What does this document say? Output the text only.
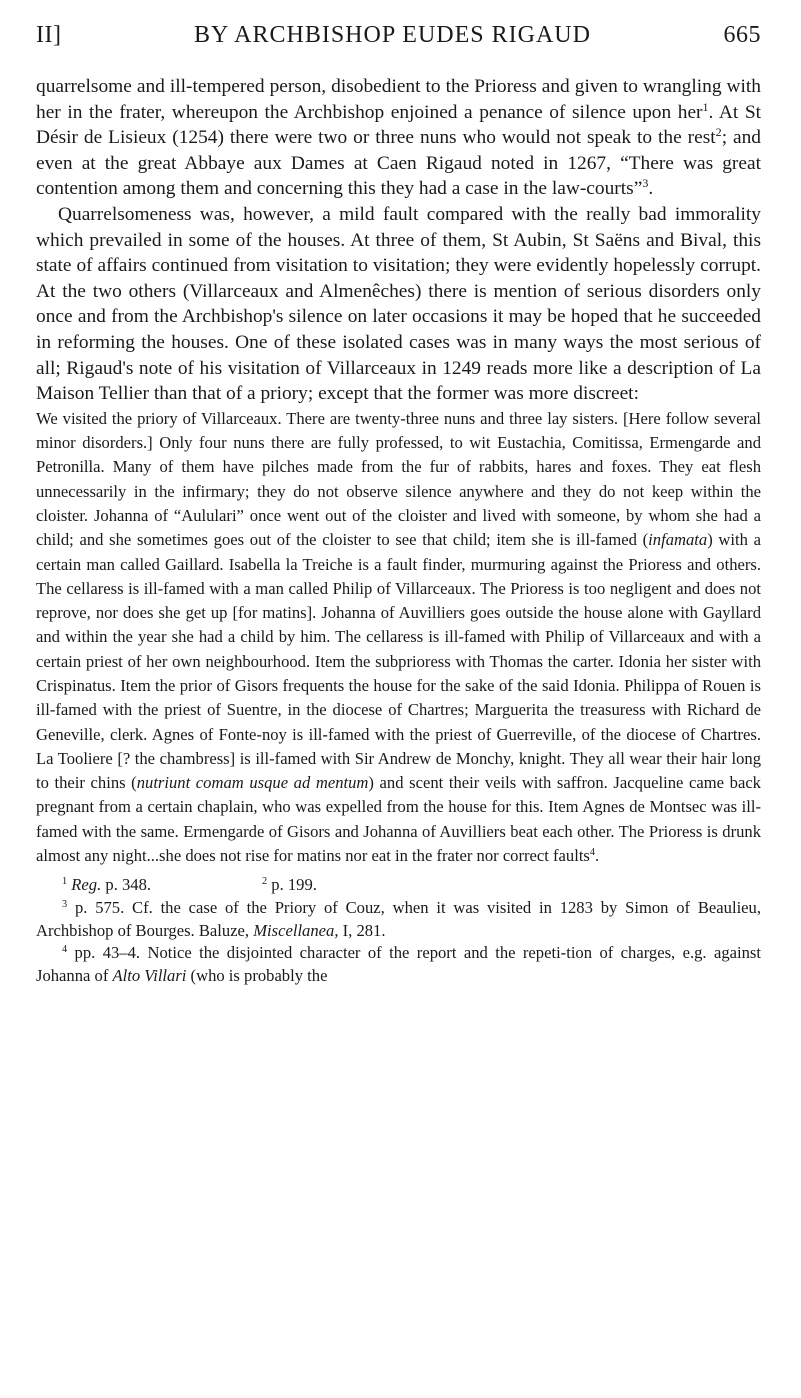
II]	BY ARCHBISHOP EUDES RIGAUD	665

quarrelsome and ill-tempered person, disobedient to the Prioress and given to wrangling with her in the frater, whereupon the Archbishop enjoined a penance of silence upon her$^1$. At St Désir de Lisieux (1254) there were two or three nuns who would not speak to the rest$^2$; and even at the great Abbaye aux Dames at Caen Rigaud noted in 1267, “There was great contention among them and concerning this they had a case in the law-courts”$^3$.

Quarrelsomeness was, however, a mild fault compared with the really bad immorality which prevailed in some of the houses. At three of them, St Aubin, St Saëns and Bival, this state of affairs continued from visitation to visitation; they were evidently hopelessly corrupt. At the two others (Villarceaux and Almenêches) there is mention of serious disorders only once and from the Archbishop's silence on later occasions it may be hoped that he succeeded in reforming the houses. One of these isolated cases was in many ways the most serious of all; Rigaud's note of his visitation of Villarceaux in 1249 reads more like a description of La Maison Tellier than that of a priory; except that the former was more discreet:

We visited the priory of Villarceaux. There are twenty-three nuns and three lay sisters. [Here follow several minor disorders.] Only four nuns there are fully professed, to wit Eustachia, Comitissa, Ermengarde and Petronilla. Many of them have pilches made from the fur of rabbits, hares and foxes. They eat flesh unnecessarily in the infirmary; they do not observe silence anywhere and they do not keep within the cloister. Johanna of “Aululari” once went out of the cloister and lived with someone, by whom she had a child; and she sometimes goes out of the cloister to see that child; item she is ill-famed (infamata) with a certain man called Gaillard. Isabella la Treiche is a fault finder, murmuring against the Prioress and others. The cellaress is ill-famed with a man called Philip of Villarceaux. The Prioress is too negligent and does not reprove, nor does she get up [for matins]. Johanna of Auvilliers goes outside the house alone with Gayllard and within the year she had a child by him. The cellaress is ill-famed with Philip of Villarceaux and with a certain priest of her own neighbourhood. Item the subprioress with Thomas the carter. Idonia her sister with Crispinatus. Item the prior of Gisors frequents the house for the sake of the said Idonia. Philippa of Rouen is ill-famed with the priest of Suentre, in the diocese of Chartres; Marguerita the treasuress with Richard de Geneville, clerk. Agnes of Fonte-noy is ill-famed with the priest of Guerreville, of the diocese of Chartres. La Tooliere [? the chambress] is ill-famed with Sir Andrew de Monchy, knight. They all wear their hair long to their chins (nutriunt comam usque ad mentum) and scent their veils with saffron. Jacqueline came back pregnant from a certain chaplain, who was expelled from the house for this. Item Agnes de Montsec was ill-famed with the same. Ermengarde of Gisors and Johanna of Auvilliers beat each other. The Prioress is drunk almost any night...she does not rise for matins nor eat in the frater nor correct faults$^4$.
$^1$ Reg. p. 348.	$^2$ p. 199.

$^3$ p. 575. Cf. the case of the Priory of Couz, when it was visited in 1283 by Simon of Beaulieu, Archbishop of Bourges. Baluze, Miscellanea, I, 281.

$^4$ pp. 43–4. Notice the disjointed character of the report and the repeti-tion of charges, e.g. against Johanna of Alto Villari (who is probably the
